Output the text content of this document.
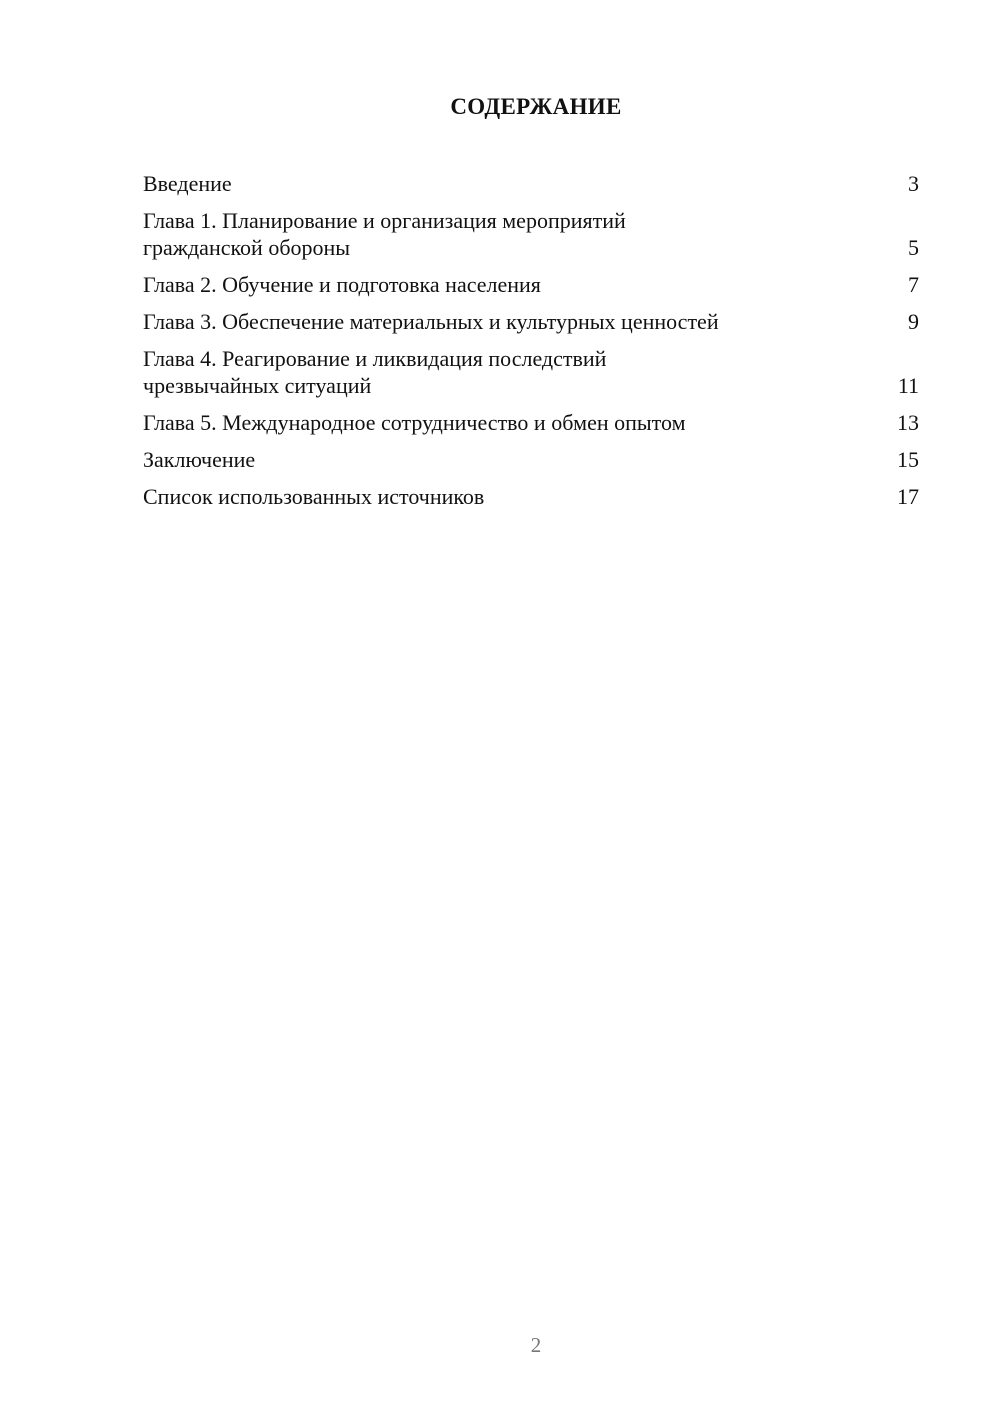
СОДЕРЖАНИЕ
Введение	3
Глава 1. Планирование и организация мероприятий
гражданской обороны	5
Глава 2. Обучение и подготовка населения	7
Глава 3. Обеспечение материальных и культурных ценностей	9
Глава 4. Реагирование и ликвидация последствий
чрезвычайных ситуаций	11
Глава 5. Международное сотрудничество и обмен опытом	13
Заключение	15
Список использованных источников	17
2
